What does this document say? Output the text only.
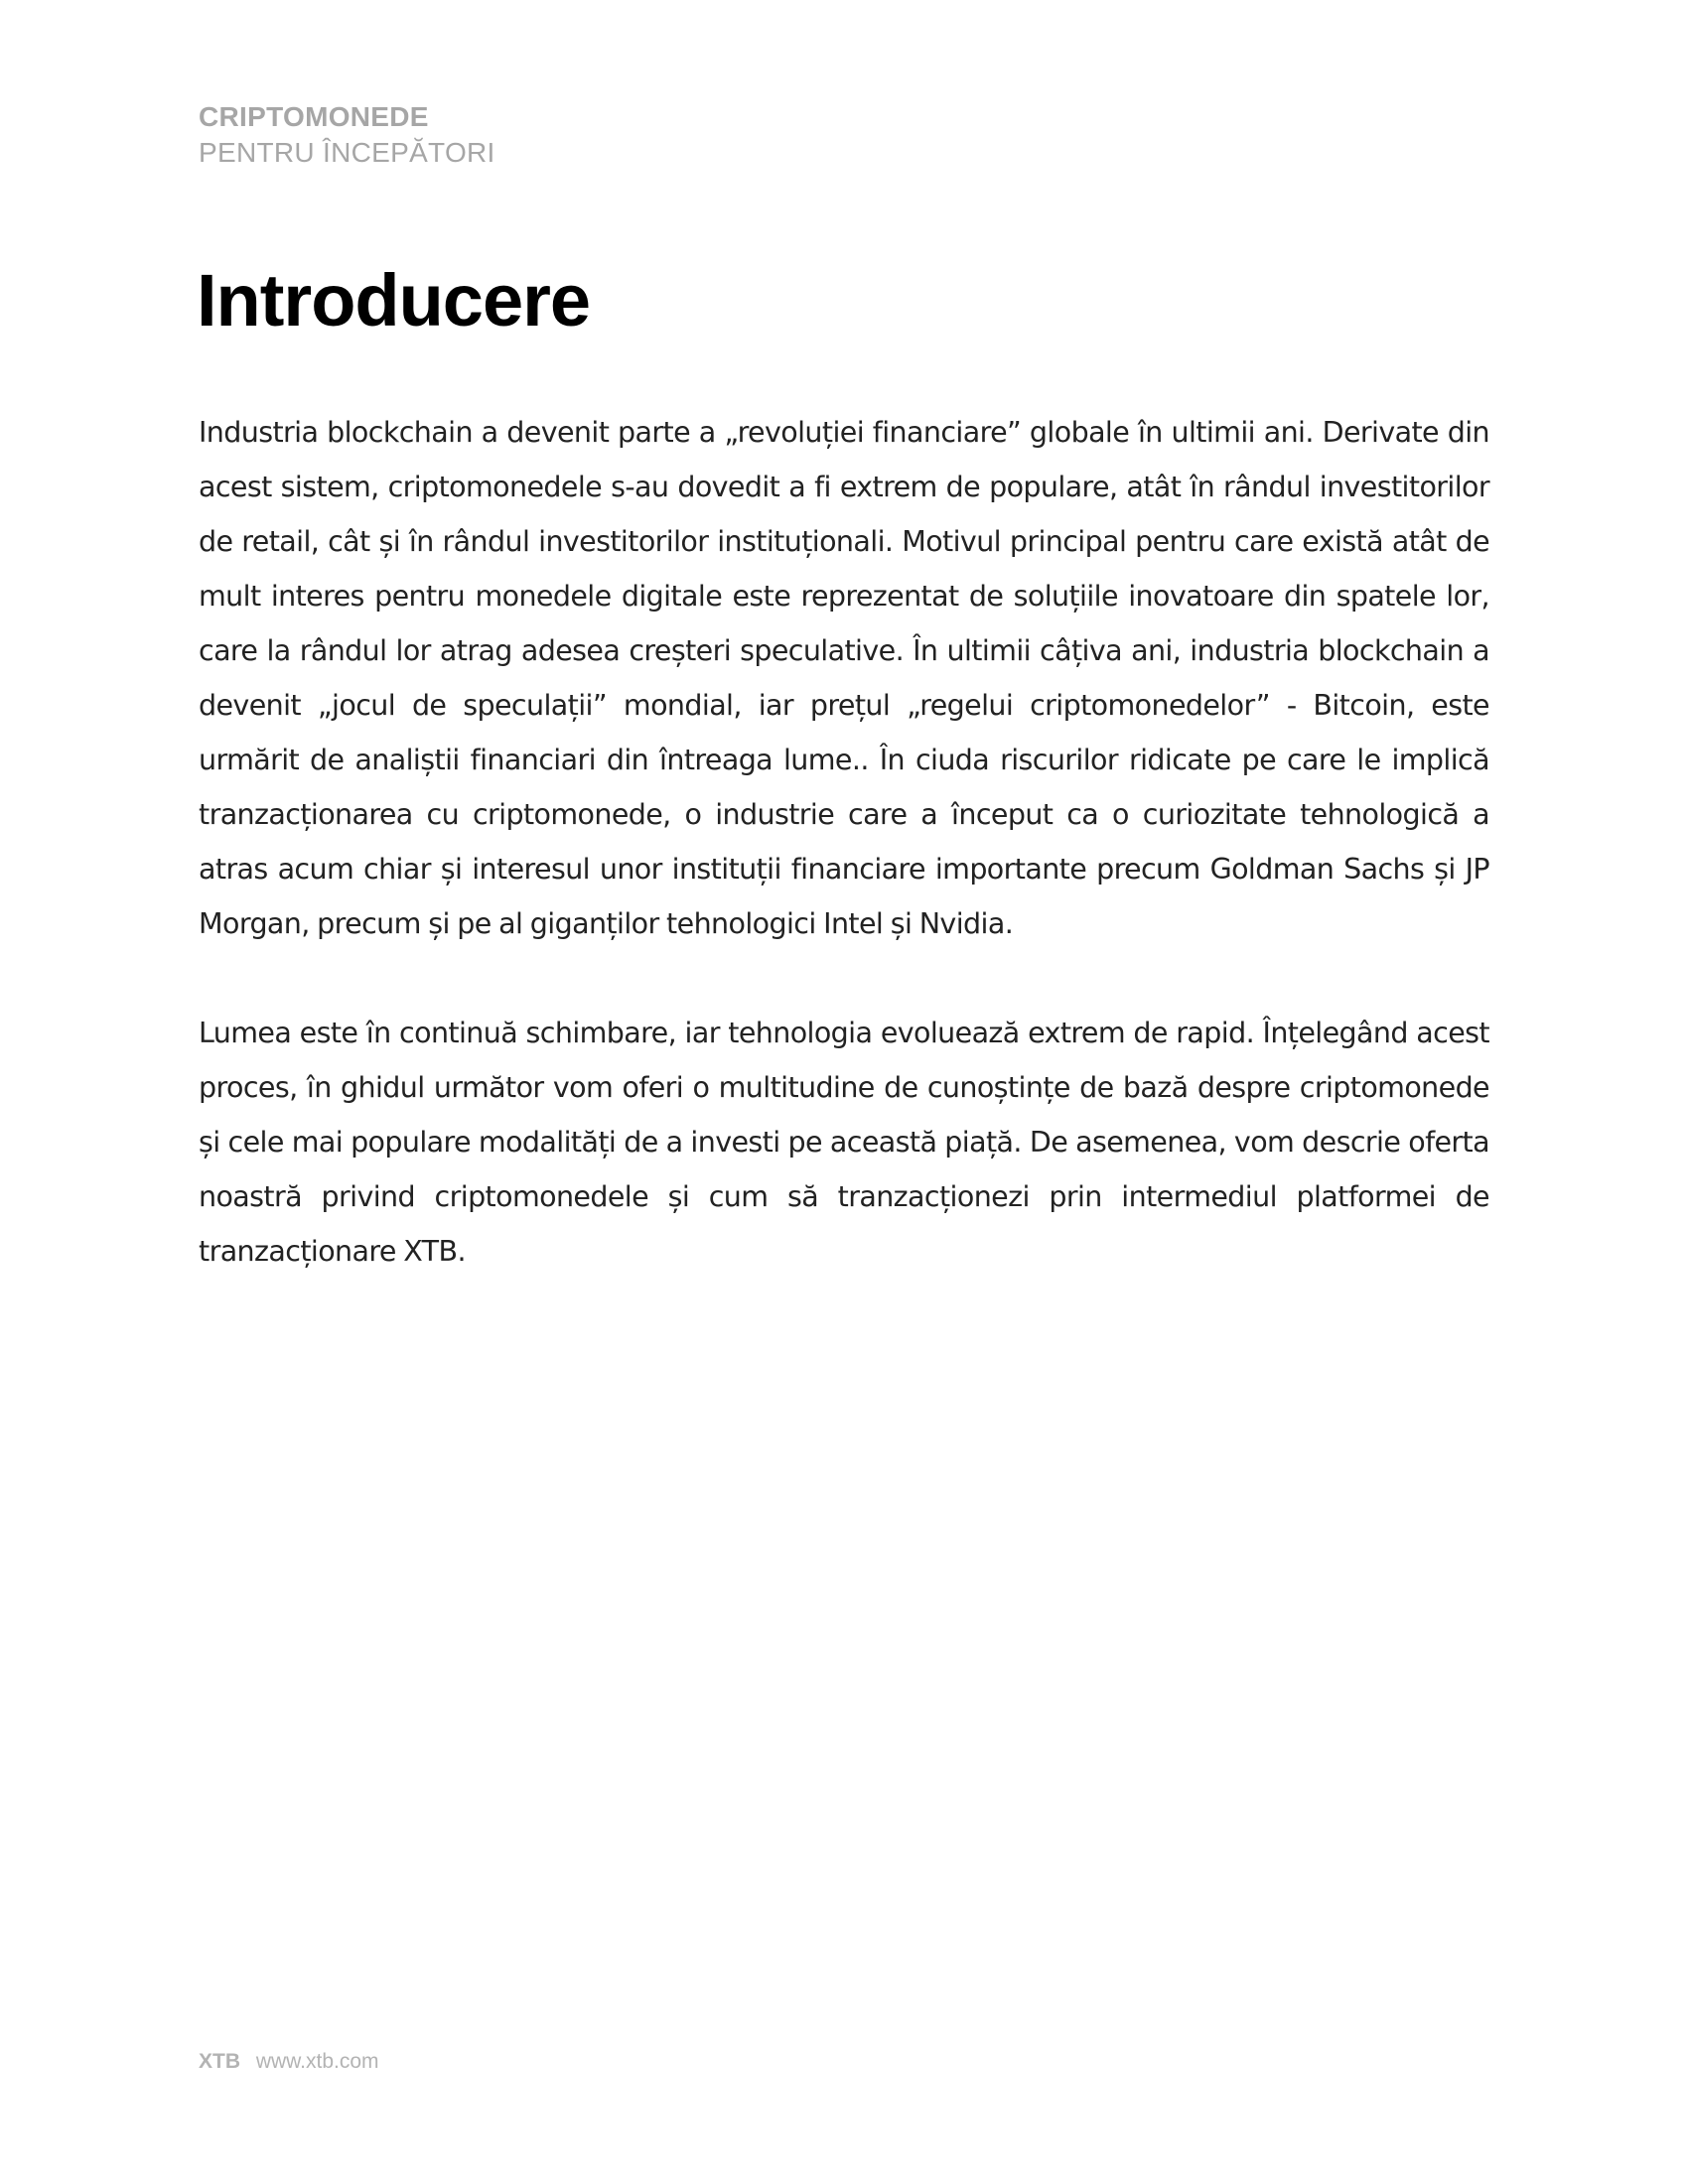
CRIPTOMONEDE
PENTRU ÎNCEPĂTORI
Introducere

Industria blockchain a devenit parte a „revoluției financiare” globale în ultimii ani. Derivate din acest sistem, criptomonedele s-au dovedit a fi extrem de populare, atât în rândul investitorilor de retail, cât și în rândul investitorilor instituționali. Motivul principal pentru care există atât de mult interes pentru monedele digitale este reprezentat de soluțiile inovatoare din spatele lor, care la rândul lor atrag adesea creșteri speculative. În ultimii câțiva ani, industria blockchain a devenit „jocul de speculații” mondial, iar prețul „regelui criptomonedelor” - Bitcoin, este urmărit de analiștii financiari din întreaga lume.. În ciuda riscurilor ridicate pe care le implică tranzacționarea cu criptomonede, o industrie care a început ca o curiozitate tehnologică a atras acum chiar și interesul unor instituții financiare importante precum Goldman Sachs și JP Morgan, precum și pe al giganților tehnologici Intel și Nvidia.

Lumea este în continuă schimbare, iar tehnologia evoluează extrem de rapid. Înțelegând acest proces, în ghidul următor vom oferi o multitudine de cunoștințe de bază despre criptomonede și cele mai populare modalități de a investi pe această piață. De asemenea, vom descrie oferta noastră privind criptomonedele și cum să tranzacționezi prin intermediul platformei de tranzacționare XTB.

XTB www.xtb.com
